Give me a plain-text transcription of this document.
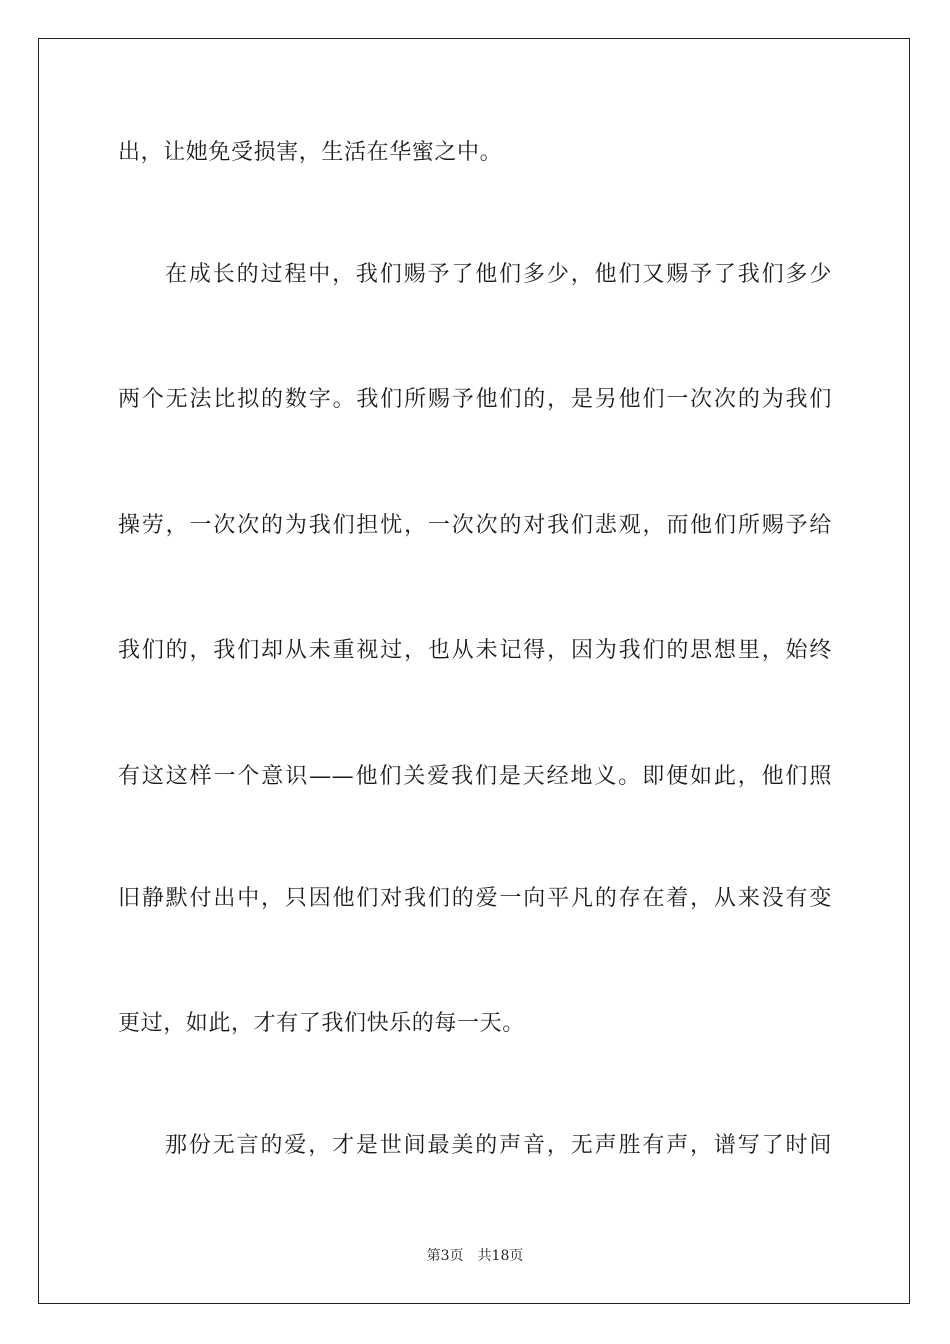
出，让她免受损害，生活在华蜜之中。
在成长的过程中，我们赐予了他们多少，他们又赐予了我们多少
两个无法比拟的数字。我们所赐予他们的，是另他们一次次的为我们
操劳，一次次的为我们担忧，一次次的对我们悲观，而他们所赐予给
我们的，我们却从未重视过，也从未记得，因为我们的思想里，始终
有这这样一个意识——他们关爱我们是天经地义。即便如此，他们照
旧静默付出中，只因他们对我们的爱一向平凡的存在着，从来没有变
更过，如此，才有了我们快乐的每一天。
那份无言的爱，才是世间最美的声音，无声胜有声，谱写了时间
第3页 共18页
